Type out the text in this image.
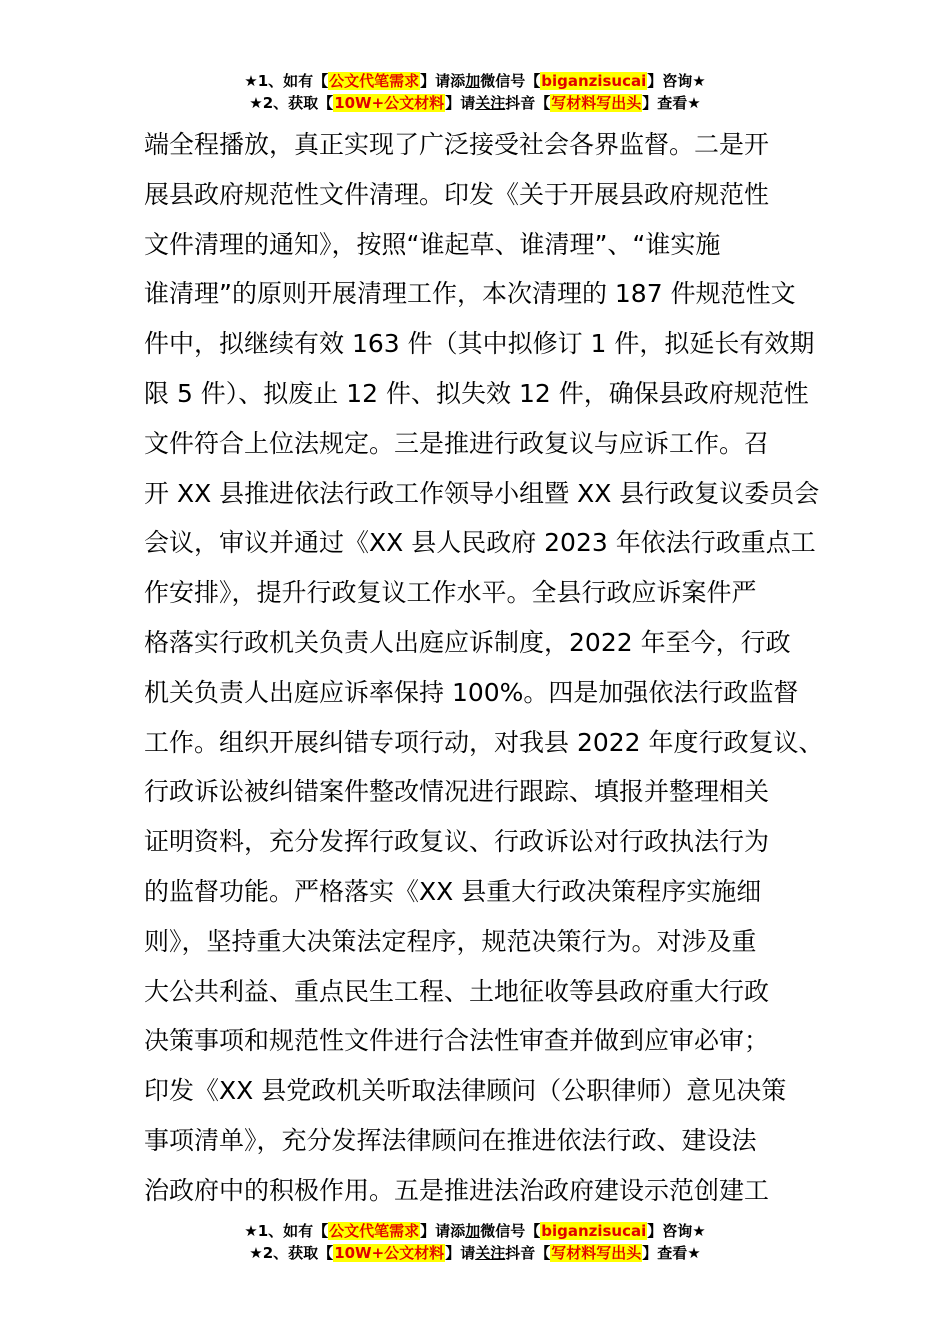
★1、如有【公文代笔需求】请添加微信号【biganzisucai】咨询★
★2、获取【10W+公文材料】请关注抖音【写材料写出头】查看★
端全程播放，真正实现了广泛接受社会各界监督。二是开
展县政府规范性文件清理。印发《关于开展县政府规范性
文件清理的通知》，按照“谁起草、谁清理”、“谁实施
谁清理”的原则开展清理工作，本次清理的 187 件规范性文
件中，拟继续有效 163 件（其中拟修订 1 件，拟延长有效期
限 5 件）、拟废止 12 件、拟失效 12 件，确保县政府规范性
文件符合上位法规定。三是推进行政复议与应诉工作。召
开 XX 县推进依法行政工作领导小组暨 XX 县行政复议委员会
会议，审议并通过《XX 县人民政府 2023 年依法行政重点工
作安排》，提升行政复议工作水平。全县行政应诉案件严
格落实行政机关负责人出庭应诉制度，2022 年至今，行政
机关负责人出庭应诉率保持 100%。四是加强依法行政监督
工作。组织开展纠错专项行动，对我县 2022 年度行政复议、
行政诉讼被纠错案件整改情况进行跟踪、填报并整理相关
证明资料，充分发挥行政复议、行政诉讼对行政执法行为
的监督功能。严格落实《XX 县重大行政决策程序实施细
则》，坚持重大决策法定程序，规范决策行为。对涉及重
大公共利益、重点民生工程、土地征收等县政府重大行政
决策事项和规范性文件进行合法性审查并做到应审必审；
印发《XX 县党政机关听取法律顾问（公职律师）意见决策
事项清单》，充分发挥法律顾问在推进依法行政、建设法
治政府中的积极作用。五是推进法治政府建设示范创建工
★1、如有【公文代笔需求】请添加微信号【biganzisucai】咨询★
★2、获取【10W+公文材料】请关注抖音【写材料写出头】查看★
